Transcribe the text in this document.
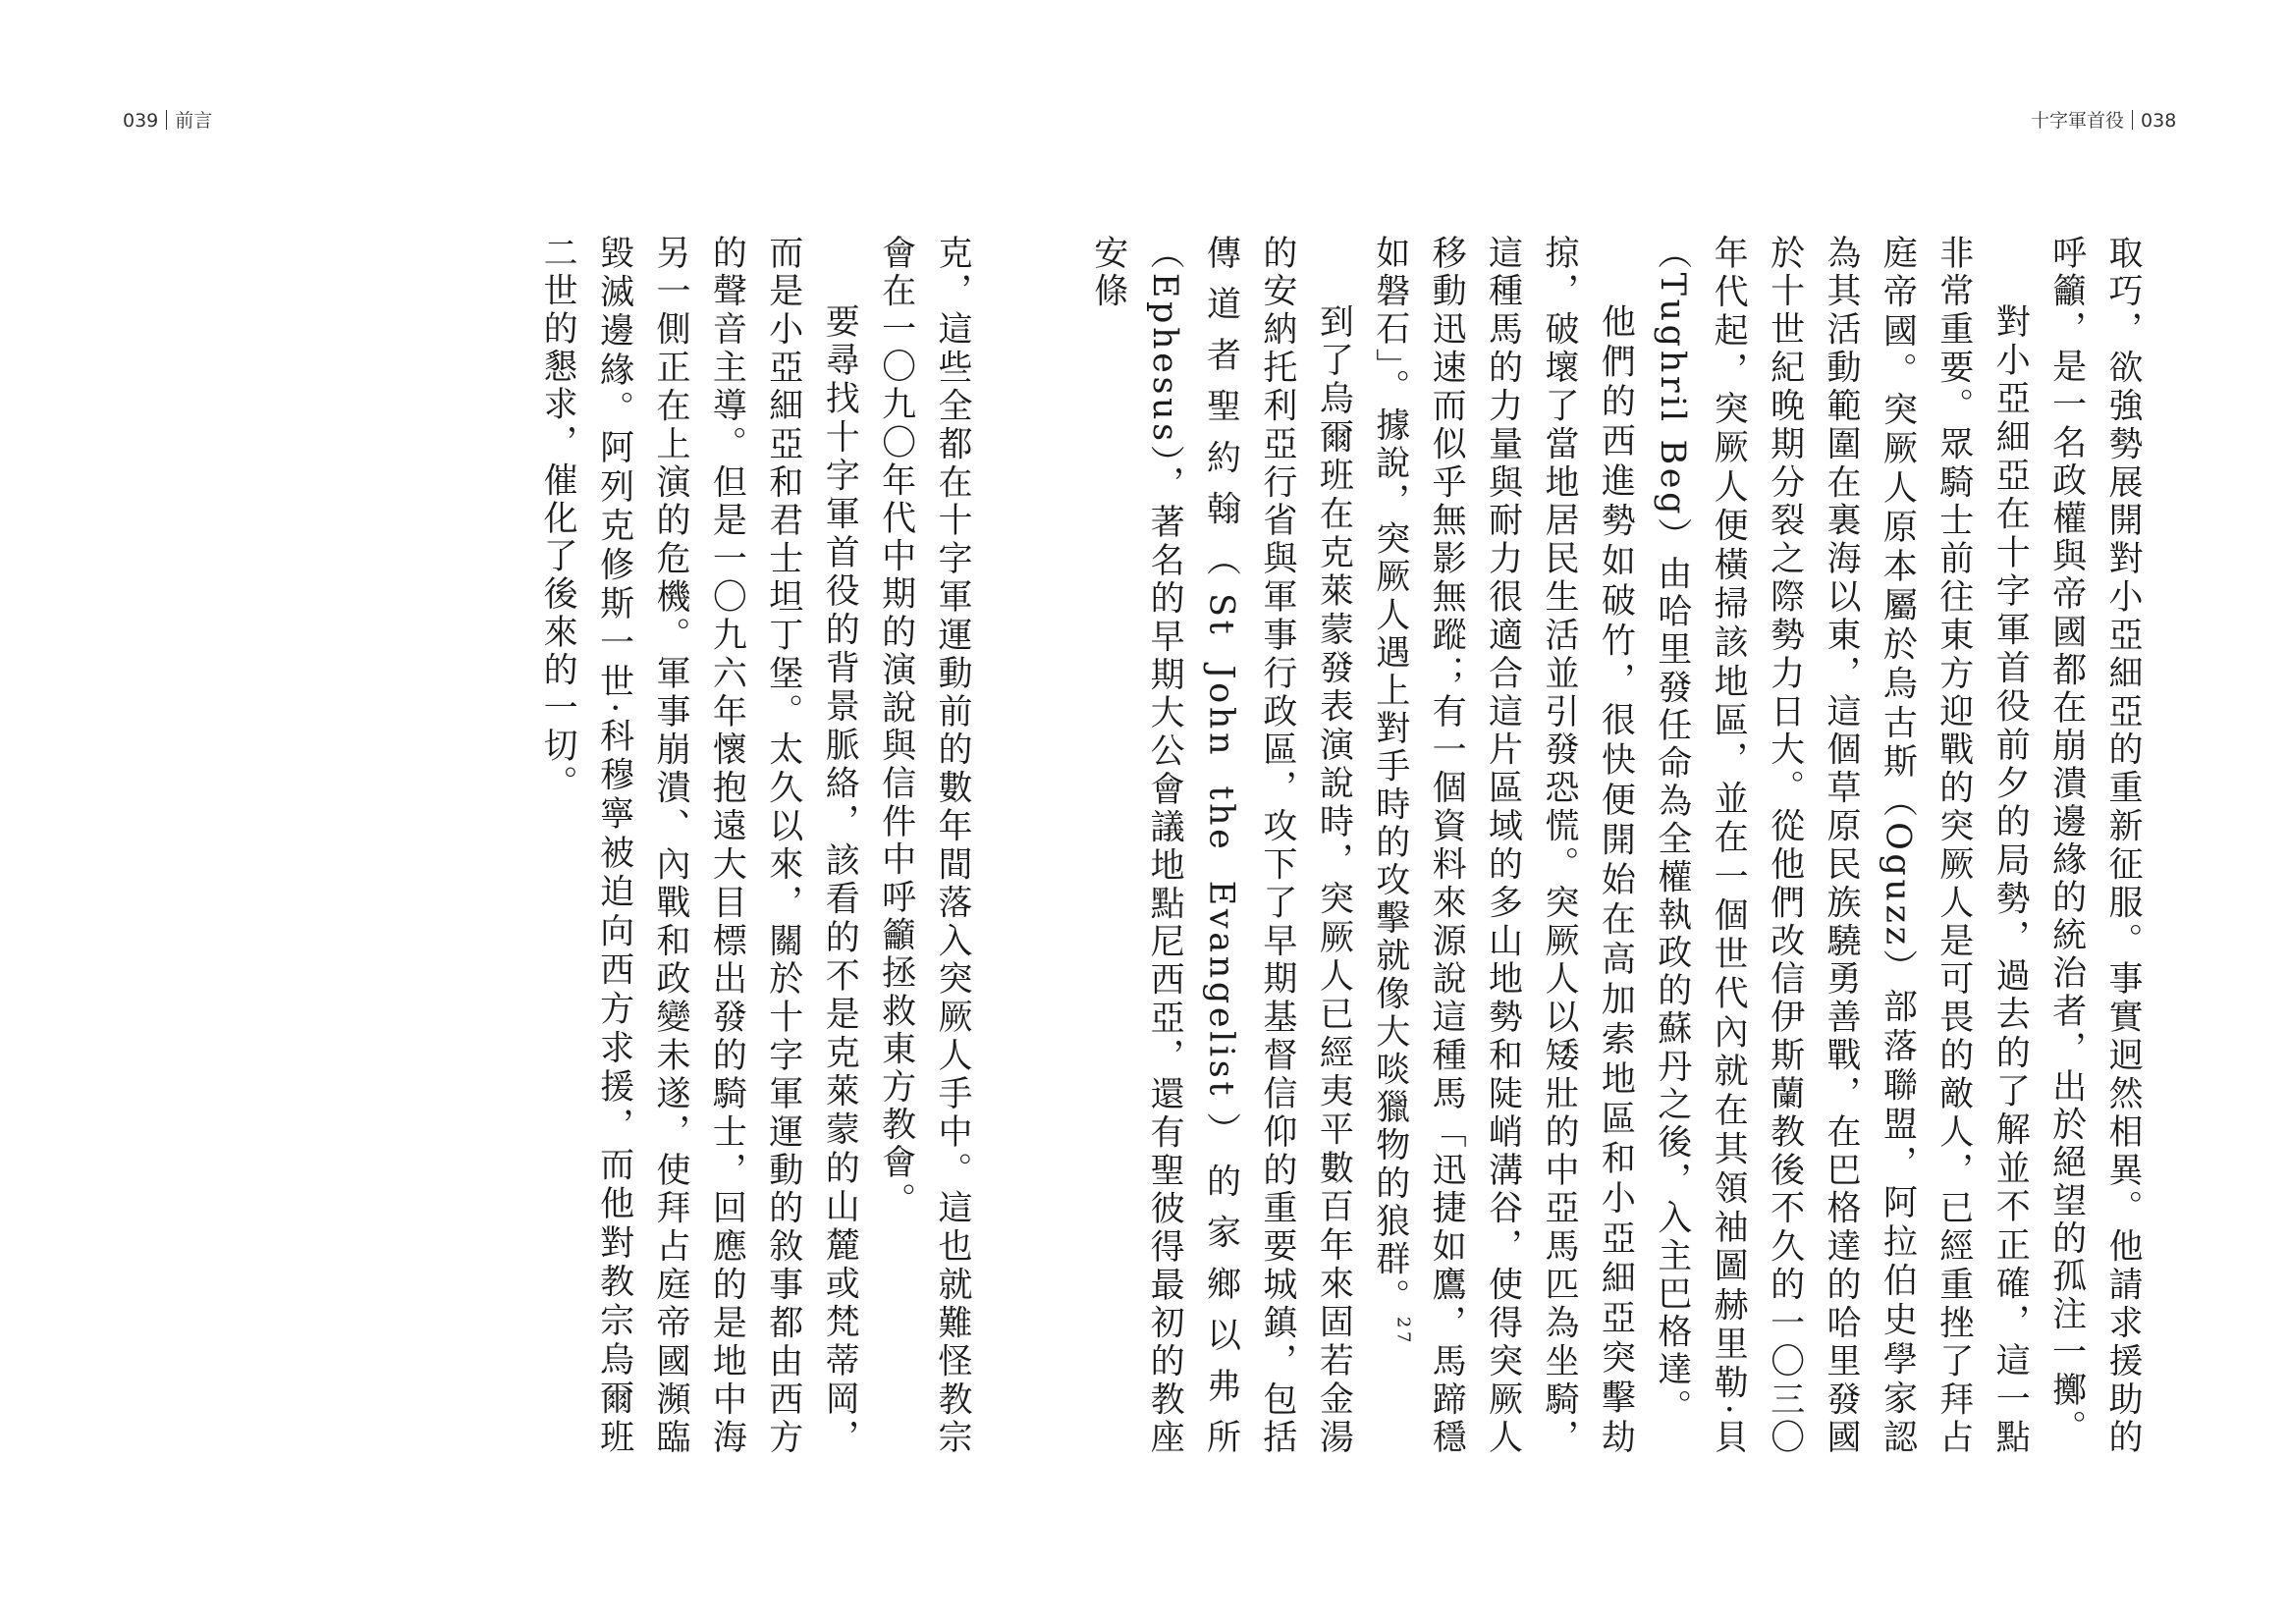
039 前言	十字軍首役 038

取巧，欲強勢展開對小亞細亞的重新征服。事實迥然相異。他請求援助的呼籲，是一名政權與帝國都在崩潰邊緣的統治者，出於絕望的孤注一擲。

對小亞細亞在十字軍首役前夕的局勢，過去的了解並不正確，這一點非常重要。眾騎士前往東方迎戰的突厥人是可畏的敵人，已經重挫了拜占庭帝國。突厥人原本屬於烏古斯（Oguzz）部落聯盟，阿拉伯史學家認為其活動範圍在裏海以東，這個草原民族驍勇善戰，在巴格達的哈里發國於十世紀晚期分裂之際勢力日大。從他們改信伊斯蘭教後不久的一〇三〇年代起，突厥人便橫掃該地區，並在一個世代內就在其領袖圖赫里勒·貝（Tughril Beg）由哈里發任命為全權執政的蘇丹之後，入主巴格達。

他們的西進勢如破竹，很快便開始在高加索地區和小亞細亞突擊劫掠，破壞了當地居民生活並引發恐慌。突厥人以矮壯的中亞馬匹為坐騎，這種馬的力量與耐力很適合這片區域的多山地勢和陡峭溝谷，使得突厥人移動迅速而似乎無影無蹤；有一個資料來源說這種馬「迅捷如鷹，馬蹄穩如磐石」。據說，突厥人遇上對手時的攻擊就像大啖獵物的狼群。$^{27}$

到了烏爾班在克萊蒙發表演說時，突厥人已經夷平數百年來固若金湯的安納托利亞行省與軍事行政區，攻下了早期基督信仰的重要城鎮，包括傳道者聖約翰（St John the Evangelist）的家鄉以弗所（Ephesus），著名的早期大公會議地點尼西亞，還有聖彼得最初的教座安條

克，這些全都在十字軍運動前的數年間落入突厥人手中。這也就難怪教宗會在一〇九〇年代中期的演說與信件中呼籲拯救東方教會。

要尋找十字軍首役的背景脈絡，該看的不是克萊蒙的山麓或梵蒂岡，而是小亞細亞和君士坦丁堡。太久以來，關於十字軍運動的敘事都由西方的聲音主導。但是一〇九六年懷抱遠大目標出發的騎士，回應的是地中海另一側正在上演的危機。軍事崩潰、內戰和政變未遂，使拜占庭帝國瀕臨毀滅邊緣。阿列克修斯一世·科穆寧被迫向西方求援，而他對教宗烏爾班二世的懇求，催化了後來的一切。
